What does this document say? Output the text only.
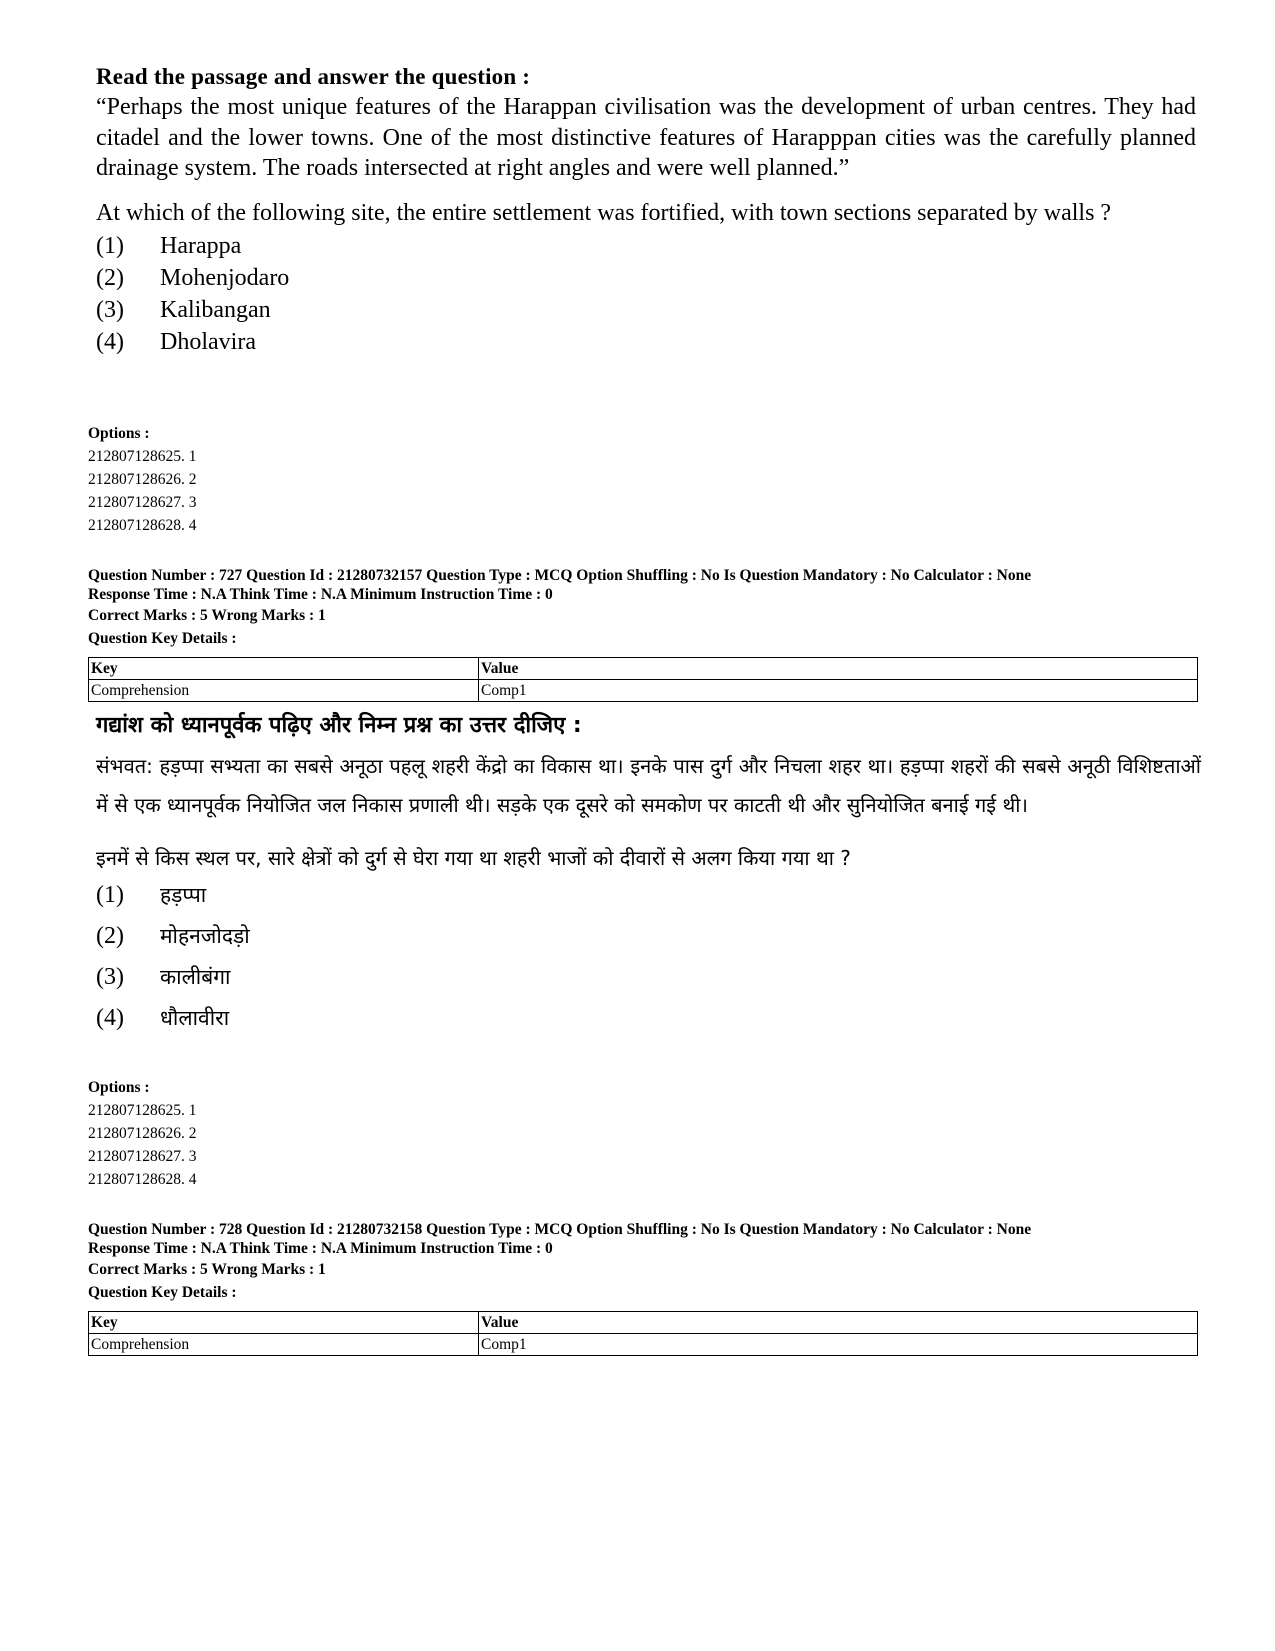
Read the passage and answer the question :
“Perhaps the most unique features of the Harappan civilisation was the development of urban centres. They had citadel and the lower towns. One of the most distinctive features of Harapppan cities was the carefully planned drainage system. The roads intersected at right angles and were well planned.”
At which of the following site, the entire settlement was fortified, with town sections separated by walls ?
(1)	Harappa
(2)	Mohenjodaro
(3)	Kalibangan
(4)	Dholavira
Options :
212807128625. 1
212807128626. 2
212807128627. 3
212807128628. 4
Question Number : 727 Question Id : 21280732157 Question Type : MCQ Option Shuffling : No Is Question Mandatory : No Calculator : None
Response Time : N.A Think Time : N.A Minimum Instruction Time : 0
Correct Marks : 5 Wrong Marks : 1
Question Key Details :
Key	Value
Comprehension	Comp1
गद्यांश को ध्यानपूर्वक पढ़िए और निम्न प्रश्न का उत्तर दीजिए :
संभवत: हड़प्पा सभ्यता का सबसे अनूठा पहलू शहरी केंद्रो का विकास था। इनके पास दुर्ग और निचला शहर था। हड़प्पा शहरों की सबसे अनूठी विशिष्टताओं में से एक ध्यानपूर्वक नियोजित जल निकास प्रणाली थी। सड़के एक दूसरे को समकोण पर काटती थी और सुनियोजित बनाई गई थी।
इनमें से किस स्थल पर, सारे क्षेत्रों को दुर्ग से घेरा गया था शहरी भाजों को दीवारों से अलग किया गया था ?
(1)	हड़प्पा
(2)	मोहनजोदड़ो
(3)	कालीबंगा
(4)	धौलावीरा
Options :
212807128625. 1
212807128626. 2
212807128627. 3
212807128628. 4
Question Number : 728 Question Id : 21280732158 Question Type : MCQ Option Shuffling : No Is Question Mandatory : No Calculator : None
Response Time : N.A Think Time : N.A Minimum Instruction Time : 0
Correct Marks : 5 Wrong Marks : 1
Question Key Details :
Key	Value
Comprehension	Comp1
